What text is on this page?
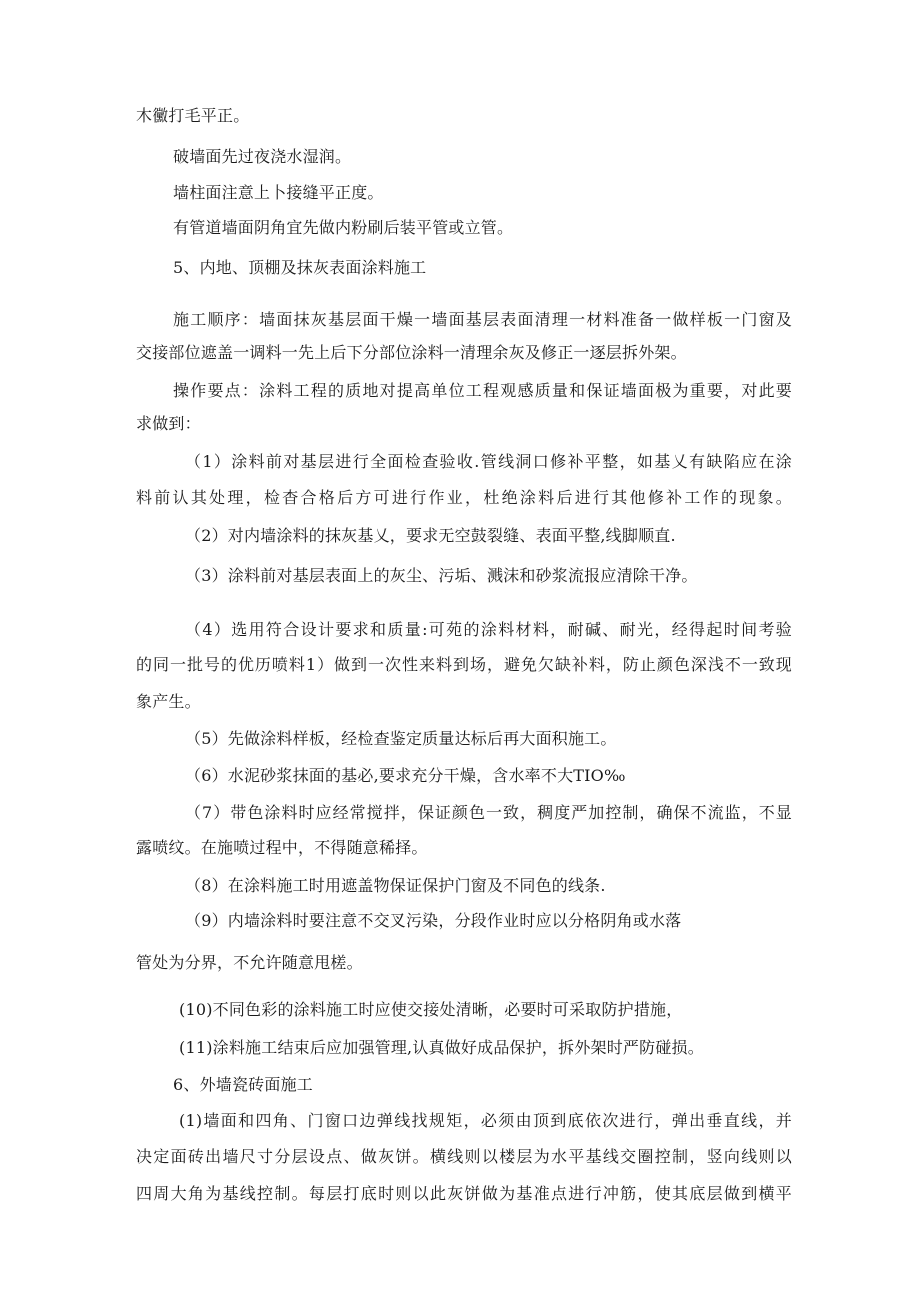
木黴打毛平正。
破墙面先过夜浇水湿润。
墙柱面注意上卜接缝平正度。
有管道墙面阴角宜先做内粉刷后装平管或立管。
5、内地、顶棚及抹灰表面涂料施工
施工顺序：墙面抹灰基层面干燥一墙面基层表面清理一材料准备一做样板一门窗及
交接部位遮盖一调料一先上后下分部位涂料一清理余灰及修正一逐层拆外架。
操作要点：涂料工程的质地对提高单位工程观感质量和保证墙面极为重要，对此要
求做到：
（1）涂料前对基层进行全面检查验收.管线洞口修补平整，如基乂有缺陷应在涂
料前认其处理，检杳合格后方可进行作业，杜绝涂料后进行其他修补工作的现象。
（2）对内墙涂料的抹灰基乂，要求无空鼓裂缝、表面平整,线脚顺直.
（3）涂料前对基层表面上的灰尘、污垢、溅沫和砂浆流报应清除干净。
（4）选用符合设计要求和质量:可苑的涂料材料，耐碱、耐光，经得起时间考验
的同一批号的优历喷料1）做到一次性来料到场，避免欠缺补料，防止颜色深浅不一致现
象产生。
（5）先做涂料样板，经检查鉴定质量达标后再大面积施工。
（6）水泥砂浆抹面的基必,要求充分干燥，含水率不大TIO‰
（7）带色涂料时应经常搅拌，保证颜色一致，稠度严加控制，确保不流监，不显
露喷纹。在施喷过程中，不得随意稀择。
（8）在涂料施工时用遮盖物保证保护门窗及不同色的线条.
（9）内墙涂料时要注意不交叉污染，分段作业时应以分格阴角或水落
管处为分界，不允许随意甩槎。
(10)不同色彩的涂料施工时应使交接处清晰，必要时可采取防护措施，
(11)涂料施工结束后应加强管理,认真做好成品保护，拆外架时严防碰损。
6、外墙瓷砖面施工
(1)墙面和四角、门窗口边弹线找规矩，必须由顶到底依次进行，弹出垂直线，并
决定面砖出墙尺寸分层设点、做灰饼。横线则以楼层为水平基线交圈控制，竖向线则以
四周大角为基线控制。每层打底时则以此灰饼做为基准点进行冲筋，使其底层做到横平
